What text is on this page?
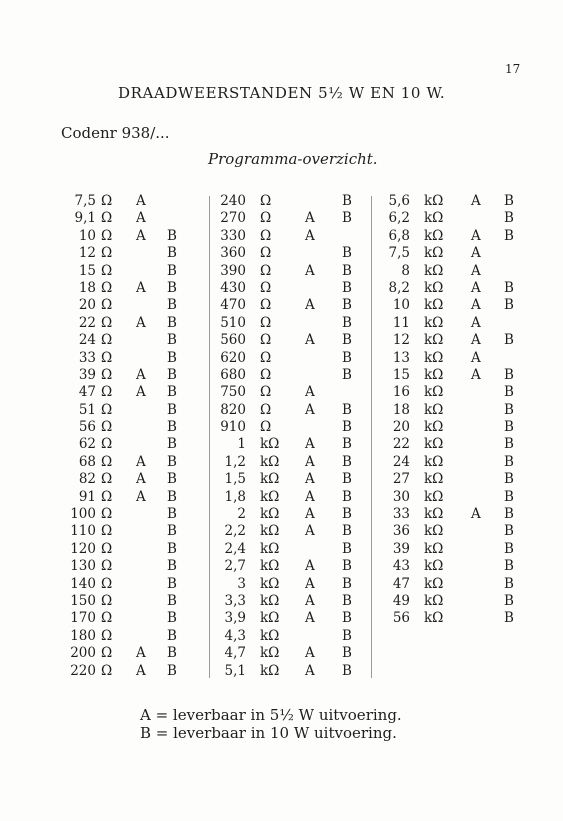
17
DRAADWEERSTANDEN 5½ W EN 10 W.
Codenr 938/...
Programma-overzicht.
7,5 Ω A
9,1 Ω A
10 Ω A B
12 Ω	B
15 Ω	B
18 Ω A B
20 Ω	B
22 Ω A B
24 Ω	B
33 Ω	B
39 Ω A B
47 Ω A B
51 Ω	B
56 Ω	B
62 Ω	B
68 Ω A B
82 Ω A B
91 Ω A B
100 Ω	B
110 Ω	B
120 Ω	B
130 Ω	B
140 Ω	B
150 Ω	B
170 Ω	B
180 Ω	B
200 Ω A B
220 Ω A B
240 Ω	B
270 Ω	A B
330 Ω	A
360 Ω	B
390 Ω	A B
430 Ω	B
470 Ω	A B
510 Ω	B
560 Ω	A B
620 Ω	B
680 Ω	B
750 Ω	A
820 Ω	A B
910 Ω	B
1 kΩ A B
1,2 kΩ A B
1,5 kΩ A B
1,8 kΩ A B
2 kΩ A B
2,2 kΩ A B
2,4 kΩ	B
2,7 kΩ A B
3 kΩ A B
3,3 kΩ A B
3,9 kΩ A B
4,3 kΩ	B
4,7 kΩ A B
5,1 kΩ A B
5,6 kΩ A B
6,2 kΩ	B
6,8 kΩ A B
7,5 kΩ A
8 kΩ A
8,2 kΩ A B
10 kΩ A B
11 kΩ A
12 kΩ A B
13 kΩ A
15 kΩ A B
16 kΩ	B
18 kΩ	B
20 kΩ	B
22 kΩ	B
24 kΩ	B
27 kΩ	B
30 kΩ	B
33 kΩ A B
36 kΩ	B
39 kΩ	B
43 kΩ	B
47 kΩ	B
49 kΩ	B
56 kΩ	B
A = leverbaar in 5½ W uitvoering.
B = leverbaar in 10 W uitvoering.
